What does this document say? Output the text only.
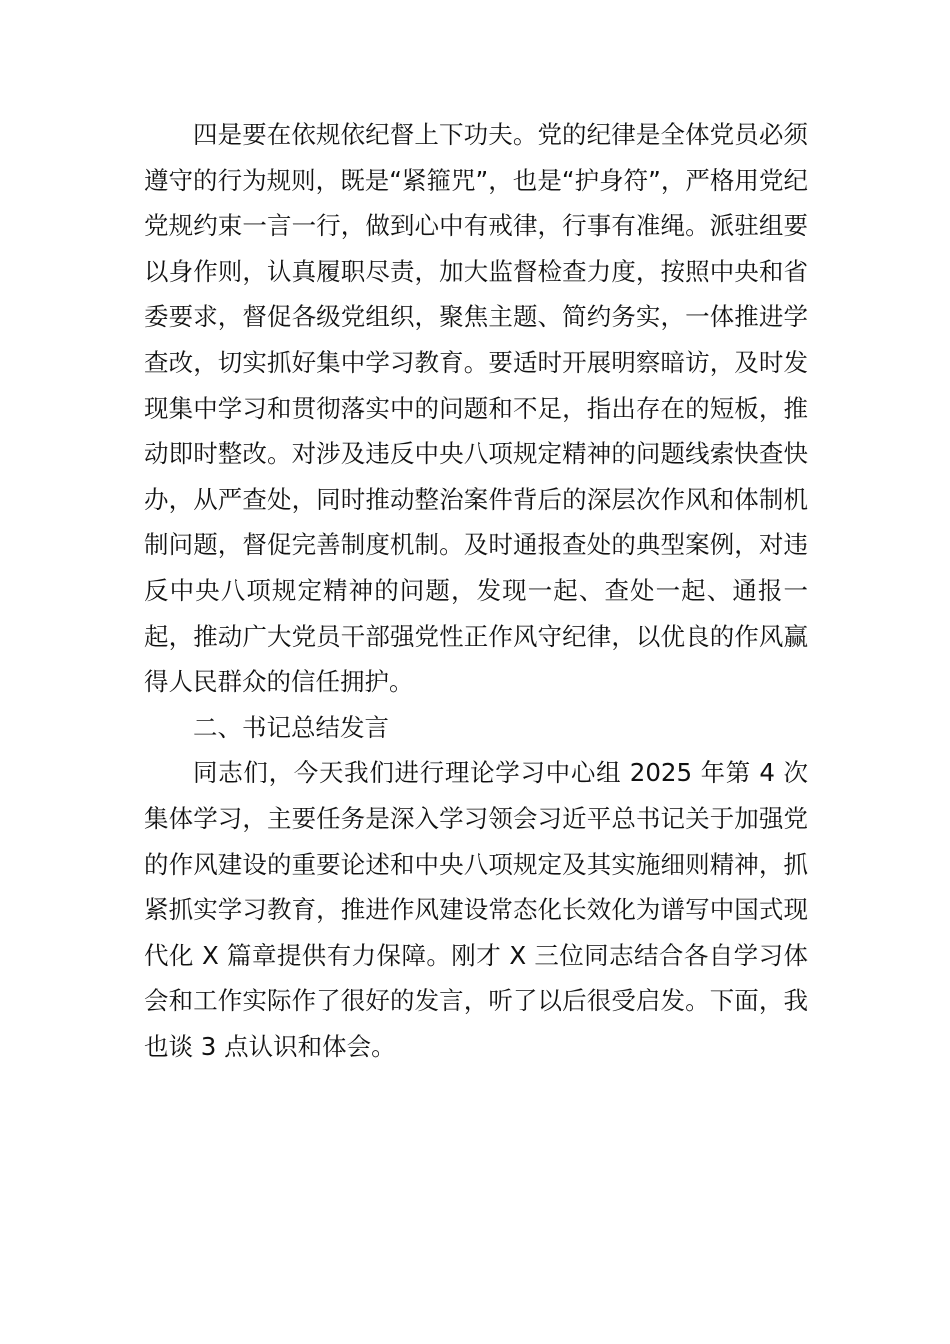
四是要在依规依纪督上下功夫。党的纪律是全体党员必须遵守的行为规则，既是“紧箍咒”，也是“护身符”，严格用党纪党规约束一言一行，做到心中有戒律，行事有准绳。派驻组要以身作则，认真履职尽责，加大监督检查力度，按照中央和省委要求，督促各级党组织，聚焦主题、简约务实，一体推进学查改，切实抓好集中学习教育。要适时开展明察暗访，及时发现集中学习和贯彻落实中的问题和不足，指出存在的短板，推动即时整改。对涉及违反中央八项规定精神的问题线索快查快办，从严查处，同时推动整治案件背后的深层次作风和体制机制问题，督促完善制度机制。及时通报查处的典型案例，对违反中央八项规定精神的问题，发现一起、查处一起、通报一起，推动广大党员干部强党性正作风守纪律，以优良的作风赢得人民群众的信任拥护。

二、书记总结发言

同志们，今天我们进行理论学习中心组 2025 年第 4 次集体学习，主要任务是深入学习领会习近平总书记关于加强党的作风建设的重要论述和中央八项规定及其实施细则精神，抓紧抓实学习教育，推进作风建设常态化长效化为谱写中国式现代化 X 篇章提供有力保障。刚才 X 三位同志结合各自学习体会和工作实际作了很好的发言，听了以后很受启发。下面，我也谈 3 点认识和体会。
